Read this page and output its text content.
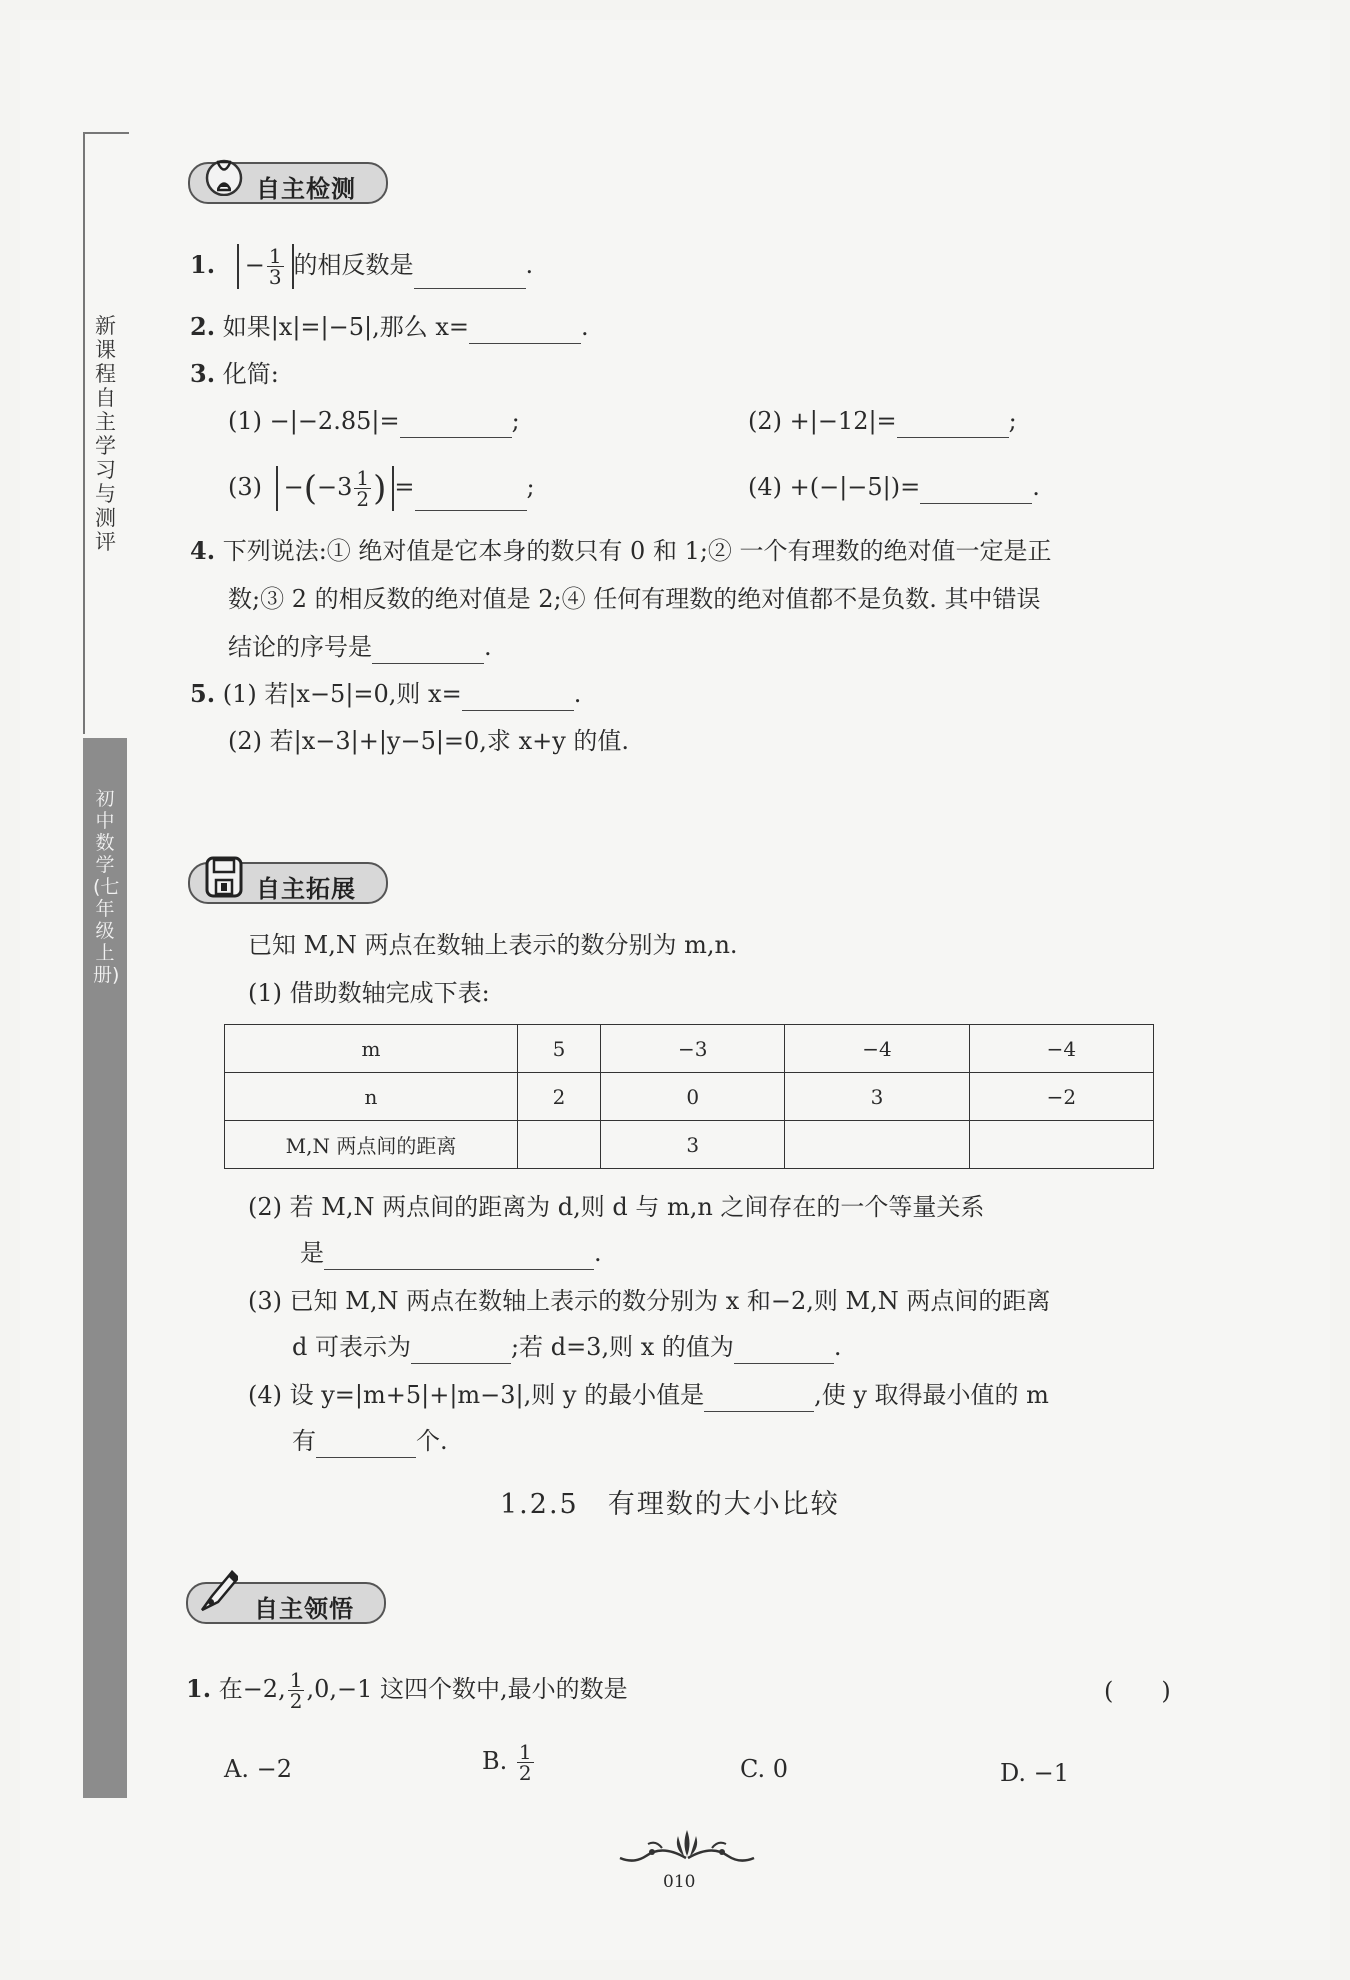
新课程自主学习与测评
初中数学(七年级上册)
自主检测
1. − $\frac{1}{3}$ 的相反数是	.
2. 如果|x|=|−5|,那么 x=	.
3. 化简:
(1) −|−2.85|=	;	(2) +|−12|=	;
$(3) -(-3 \frac{1}{2}$ ) =	;	(4) +(−|−5|)=	.
4. 下列说法:① 绝对值是它本身的数只有 0 和 1;② 一个有理数的绝对值一定是正
数;③ 2 的相反数的绝对值是 2;④ 任何有理数的绝对值都不是负数. 其中错误
结论的序号是	.
5. (1) 若|x−5|=0,则 x=	.
(2) 若|x−3|+|y−5|=0,求 x+y 的值.
自主拓展
已知 M,N 两点在数轴上表示的数分别为 m,n.
(1) 借助数轴完成下表:
m	5	−3	−4	−4
n	2	0	3	−2
M,N 两点间的距离		3		
(2) 若 M,N 两点间的距离为 d,则 d 与 m,n 之间存在的一个等量关系
是	.
(3) 已知 M,N 两点在数轴上表示的数分别为 x 和−2,则 M,N 两点间的距离
d 可表示为	;若 d=3,则 x 的值为	.
(4) 设 y=|m+5|+|m−3|,则 y 的最小值是	,使 y 取得最小值的 m
有	个.
1.2.5　有理数的大小比较
自主领悟
1. 在−2, $\frac{1}{2} ,0,-1$ 这四个数中,最小的数是	(　　)
A. −2	B. $\frac{1}{2}$	C. 0	D. −1
010
